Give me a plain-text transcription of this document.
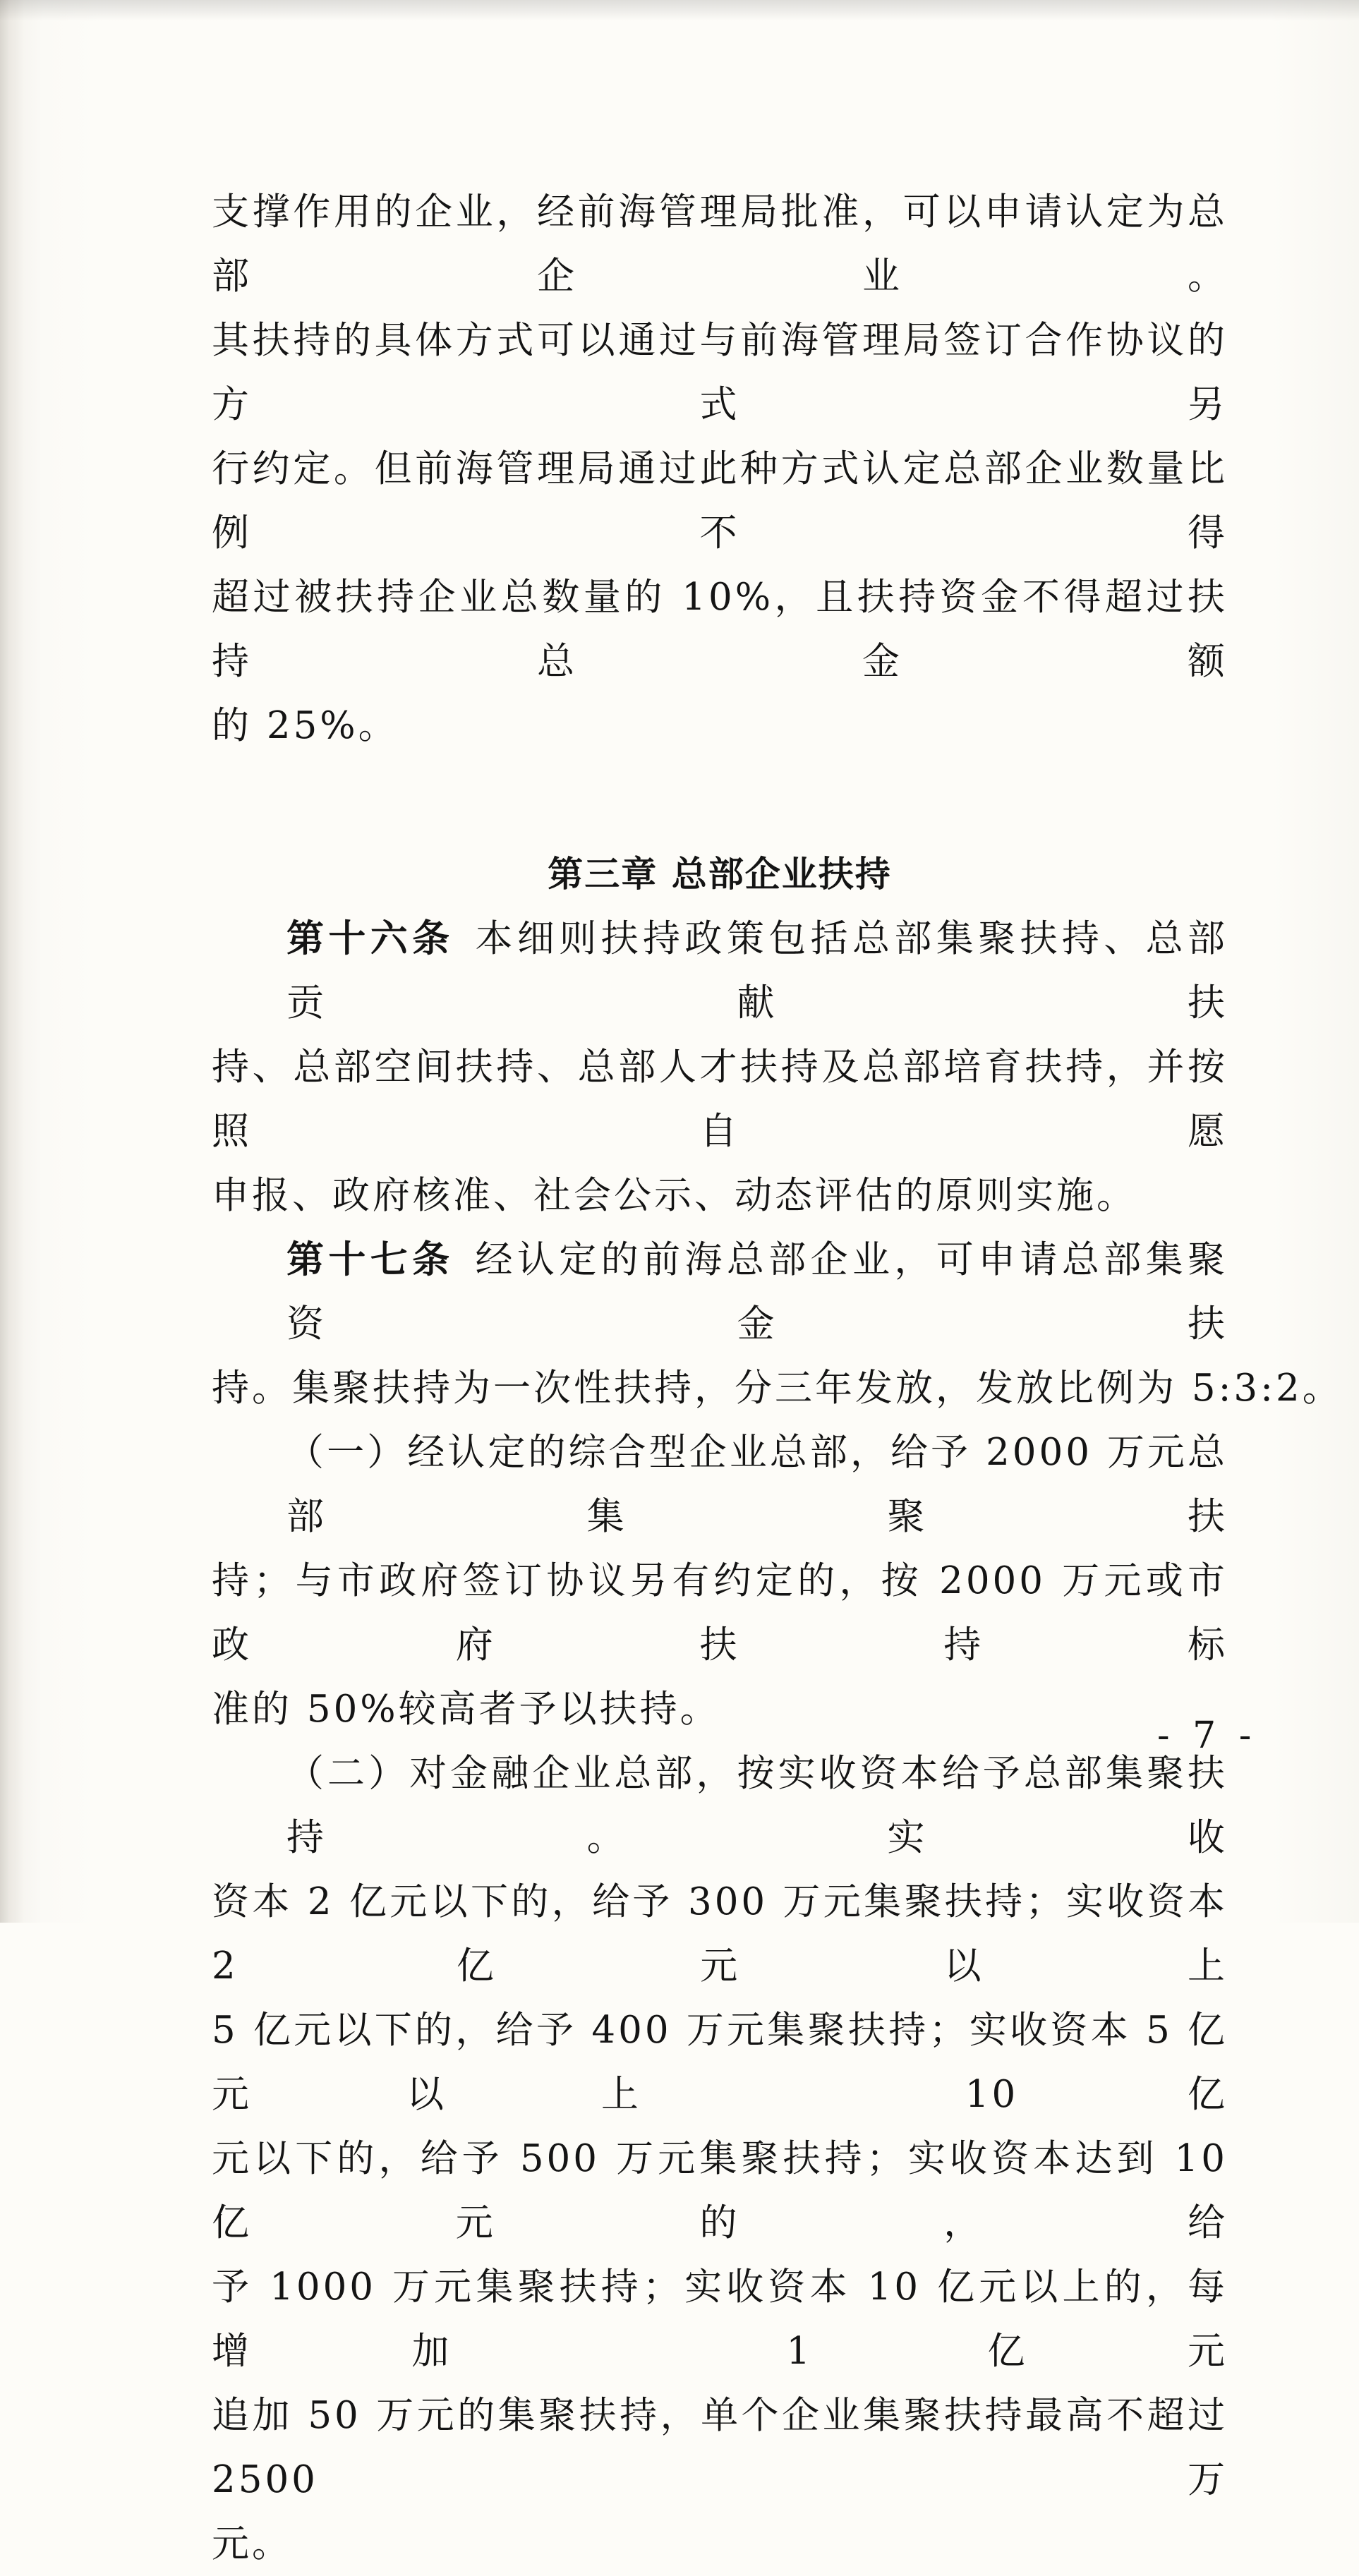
支撑作用的企业，经前海管理局批准，可以申请认定为总部企业。

其扶持的具体方式可以通过与前海管理局签订合作协议的方式另

行约定。但前海管理局通过此种方式认定总部企业数量比例不得

超过被扶持企业总数量的 10%，且扶持资金不得超过扶持总金额

的 25%。

第三章 总部企业扶持

第十六条 本细则扶持政策包括总部集聚扶持、总部贡献扶

持、总部空间扶持、总部人才扶持及总部培育扶持，并按照自愿

申报、政府核准、社会公示、动态评估的原则实施。

第十七条 经认定的前海总部企业，可申请总部集聚资金扶

持。集聚扶持为一次性扶持，分三年发放，发放比例为 5:3:2。

（一）经认定的综合型企业总部，给予 2000 万元总部集聚扶

持；与市政府签订协议另有约定的，按 2000 万元或市政府扶持标

准的 50%较高者予以扶持。

（二）对金融企业总部，按实收资本给予总部集聚扶持。实收

资本 2 亿元以下的，给予 300 万元集聚扶持；实收资本 2 亿元以上

5 亿元以下的，给予 400 万元集聚扶持；实收资本 5 亿元以上 10 亿

元以下的，给予 500 万元集聚扶持；实收资本达到 10 亿元的，给

予 1000 万元集聚扶持；实收资本 10 亿元以上的，每增加 1 亿元

追加 50 万元的集聚扶持，单个企业集聚扶持最高不超过 2500 万

元。

- 7 -
